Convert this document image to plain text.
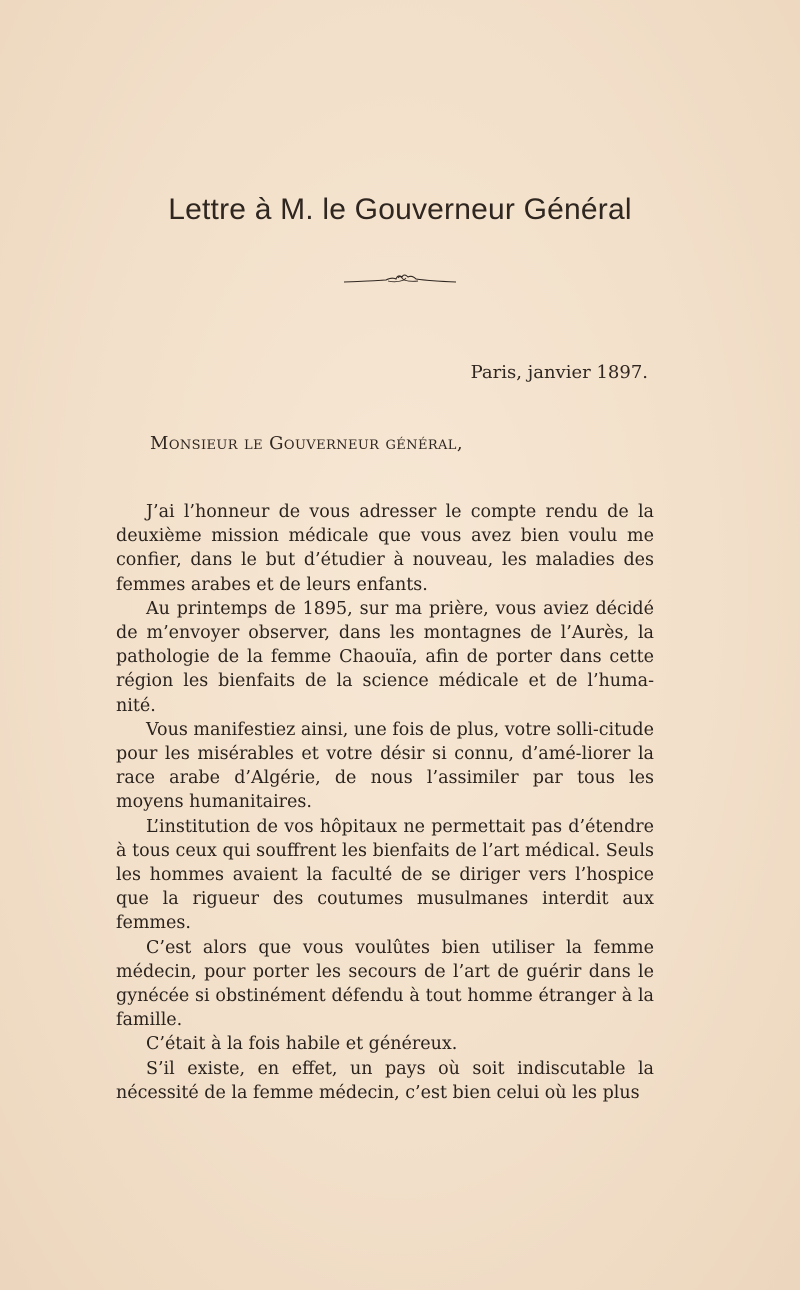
Lettre à M. le Gouverneur Général
Paris, janvier 1897.
Monsieur le Gouverneur général,

J’ai l’honneur de vous adresser le compte rendu de la deuxième mission médicale que vous avez bien voulu me confier, dans le but d’étudier à nouveau, les maladies des femmes arabes et de leurs enfants.

Au printemps de 1895, sur ma prière, vous aviez décidé de m’envoyer observer, dans les montagnes de l’Aurès, la pathologie de la femme Chaouïa, afin de porter dans cette région les bienfaits de la science médicale et de l’huma-nité.

Vous manifestiez ainsi, une fois de plus, votre solli-citude pour les misérables et votre désir si connu, d’amé-liorer la race arabe d’Algérie, de nous l’assimiler par tous les moyens humanitaires.

L’institution de vos hôpitaux ne permettait pas d’étendre à tous ceux qui souffrent les bienfaits de l’art médical. Seuls les hommes avaient la faculté de se diriger vers l’hospice que la rigueur des coutumes musulmanes interdit aux femmes.

C’est alors que vous voulûtes bien utiliser la femme médecin, pour porter les secours de l’art de guérir dans le gynécée si obstinément défendu à tout homme étranger à la famille.

C’était à la fois habile et généreux.

S’il existe, en effet, un pays où soit indiscutable la nécessité de la femme médecin, c’est bien celui où les plus
